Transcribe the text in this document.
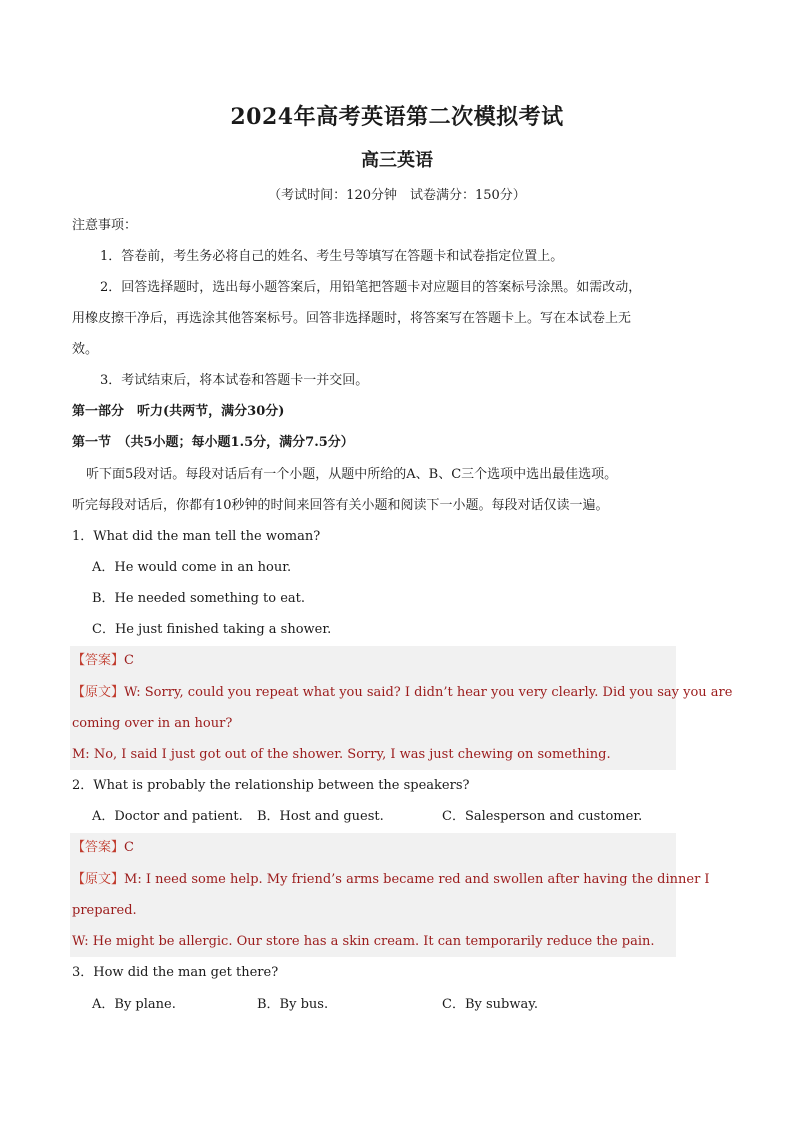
2024年高考英语第二次模拟考试
高三英语
（考试时间：120分钟　试卷满分：150分）
注意事项：
1．答卷前，考生务必将自己的姓名、考生号等填写在答题卡和试卷指定位置上。
2．回答选择题时，选出每小题答案后，用铅笔把答题卡对应题目的答案标号涂黑。如需改动，
用橡皮擦干净后，再选涂其他答案标号。回答非选择题时，将答案写在答题卡上。写在本试卷上无
效。
3．考试结束后，将本试卷和答题卡一并交回。
第一部分　听力(共两节，满分30分)
第一节　（共5小题；每小题1.5分，满分7.5分）
听下面5段对话。每段对话后有一个小题，从题中所给的A、B、C三个选项中选出最佳选项。
听完每段对话后，你都有10秒钟的时间来回答有关小题和阅读下一小题。每段对话仅读一遍。
1．What did the man tell the woman?
A．He would come in an hour.
B．He needed something to eat.
C．He just finished taking a shower.
【答案】C
【原文】W: Sorry, could you repeat what you said? I didn’t hear you very clearly. Did you say you are
coming over in an hour?
M: No, I said I just got out of the shower. Sorry, I was just chewing on something.
2．What is probably the relationship between the speakers?
A．Doctor and patient. B．Host and guest.	C．Salesperson and customer.
【答案】C
【原文】M: I need some help. My friend’s arms became red and swollen after having the dinner I
prepared.
W: He might be allergic. Our store has a skin cream. It can temporarily reduce the pain.
3．How did the man get there?
A．By plane.	B．By bus.	C．By subway.
